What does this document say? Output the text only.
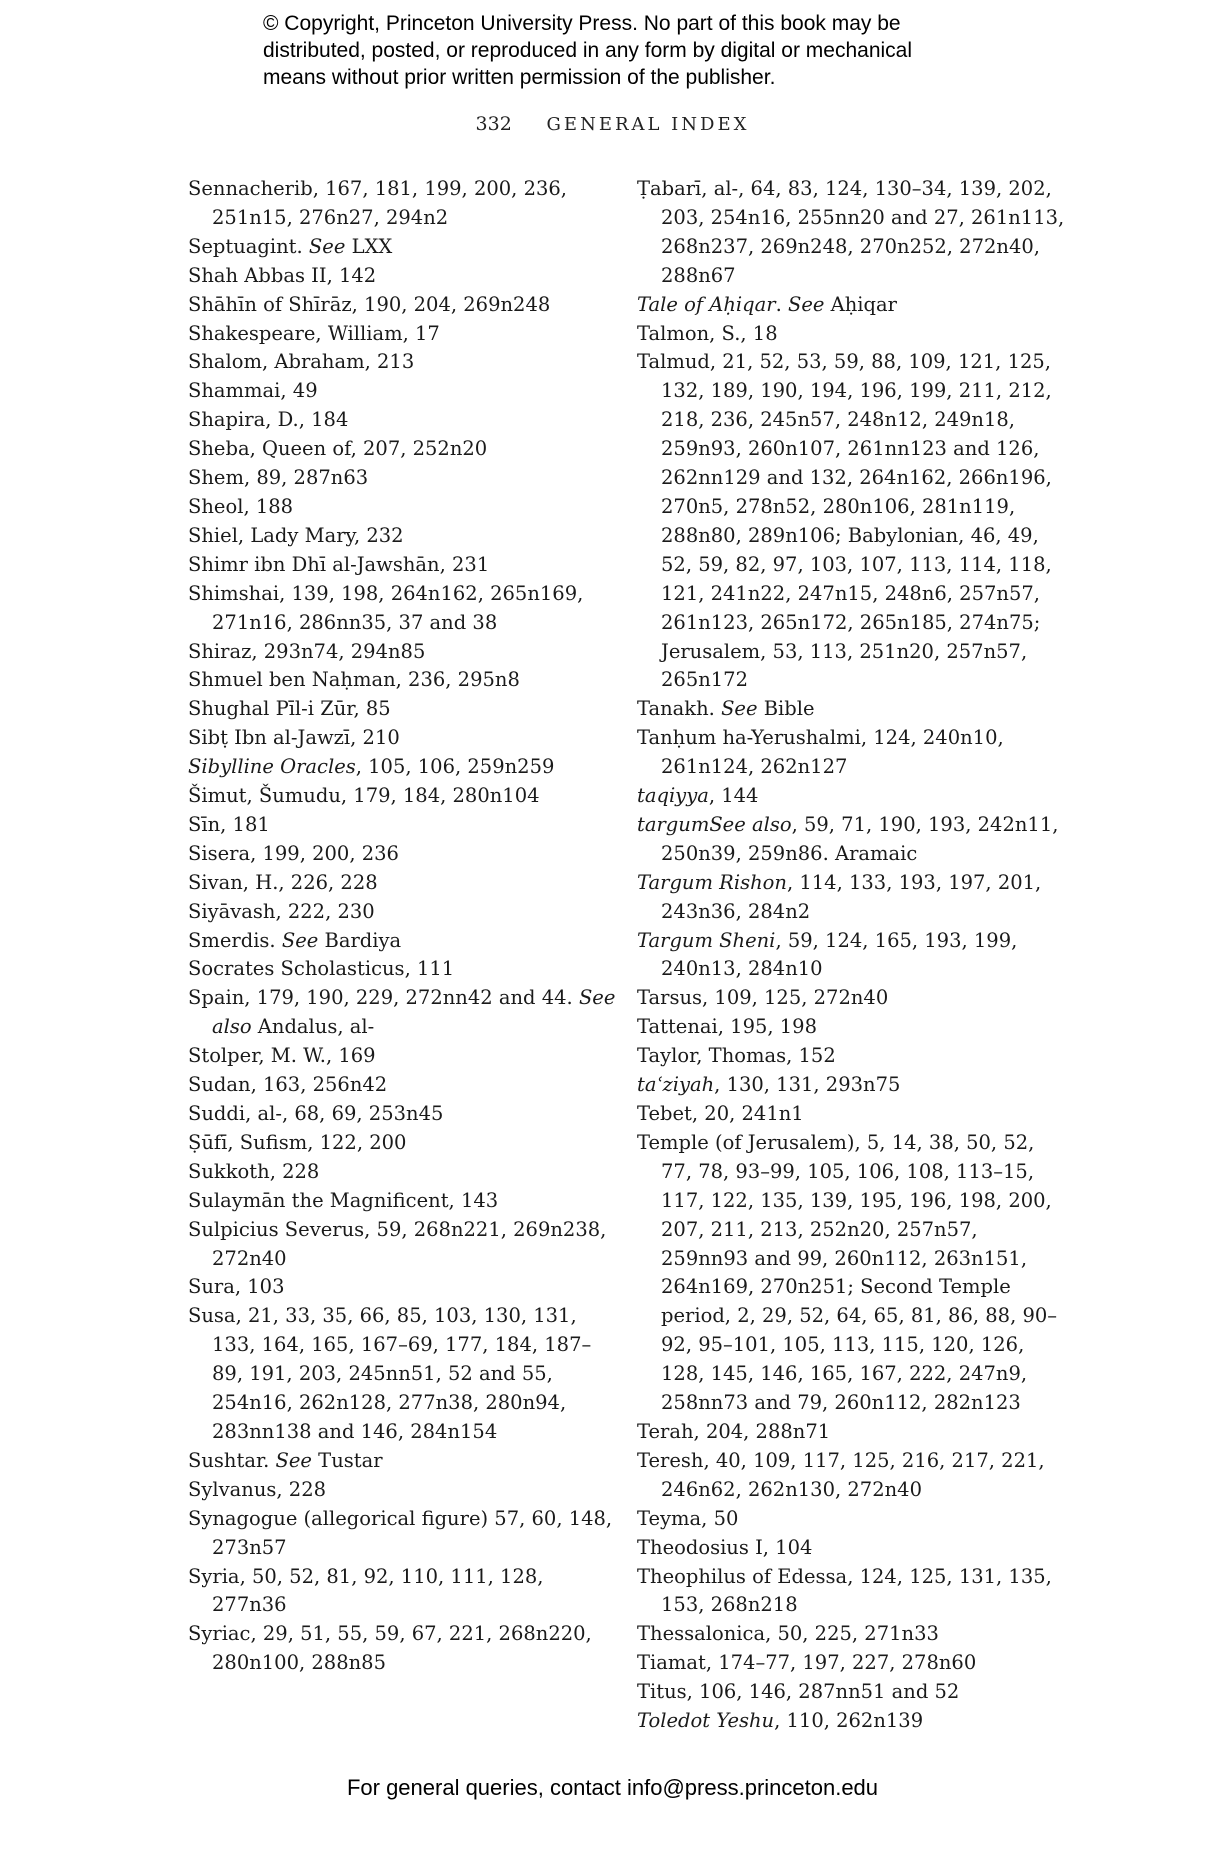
© Copyright, Princeton University Press. No part of this book may be distributed, posted, or reproduced in any form by digital or mechanical means without prior written permission of the publisher.

332 GENERAL INDEX
Sennacherib, 167, 181, 199, 200, 236, 251n15, 276n27, 294n2
Septuagint. See LXX
Shah Abbas II, 142
Shāhīn of Shīrāz, 190, 204, 269n248
Shakespeare, William, 17
Shalom, Abraham, 213
Shammai, 49
Shapira, D., 184
Sheba, Queen of, 207, 252n20
Shem, 89, 287n63
Sheol, 188
Shiel, Lady Mary, 232
Shimr ibn Dhī al-Jawshān, 231
Shimshai, 139, 198, 264n162, 265n169, 271n16, 286nn35, 37 and 38
Shiraz, 293n74, 294n85
Shmuel ben Naḥman, 236, 295n8
Shughal Pīl-i Zūr, 85
Sibṭ Ibn al-Jawzī, 210
Sibylline Oracles, 105, 106, 259n259
Šimut, Šumudu, 179, 184, 280n104
Sīn, 181
Sisera, 199, 200, 236
Sivan, H., 226, 228
Siyāvash, 222, 230
Smerdis. See Bardiya
Socrates Scholasticus, 111
Spain, 179, 190, 229, 272nn42 and 44. See also Andalus, al-
Stolper, M. W., 169
Sudan, 163, 256n42
Suddi, al-, 68, 69, 253n45
Ṣūfī, Sufism, 122, 200
Sukkoth, 228
Sulaymān the Magnificent, 143
Sulpicius Severus, 59, 268n221, 269n238, 272n40
Sura, 103
Susa, 21, 33, 35, 66, 85, 103, 130, 131, 133, 164, 165, 167–69, 177, 184, 187–89, 191, 203, 245nn51, 52 and 55, 254n16, 262n128, 277n38, 280n94, 283nn138 and 146, 284n154
Sushtar. See Tustar
Sylvanus, 228
Synagogue (allegorical figure) 57, 60, 148, 273n57
Syria, 50, 52, 81, 92, 110, 111, 128, 277n36
Syriac, 29, 51, 55, 59, 67, 221, 268n220, 280n100, 288n85
Ṭabarī, al-, 64, 83, 124, 130–34, 139, 202, 203, 254n16, 255nn20 and 27, 261n113, 268n237, 269n248, 270n252, 272n40, 288n67
Tale of Aḥiqar. See Aḥiqar
Talmon, S., 18
Talmud, 21, 52, 53, 59, 88, 109, 121, 125, 132, 189, 190, 194, 196, 199, 211, 212, 218, 236, 245n57, 248n12, 249n18, 259n93, 260n107, 261nn123 and 126, 262nn129 and 132, 264n162, 266n196, 270n5, 278n52, 280n106, 281n119, 288n80, 289n106; Babylonian, 46, 49, 52, 59, 82, 97, 103, 107, 113, 114, 118, 121, 241n22, 247n15, 248n6, 257n57, 261n123, 265n172, 265n185, 274n75; Jerusalem, 53, 113, 251n20, 257n57, 265n172
Tanakh. See Bible
Tanḥum ha-Yerushalmi, 124, 240n10, 261n124, 262n127
taqiyya, 144
targumSee also, 59, 71, 190, 193, 242n11, 250n39, 259n86. Aramaic
Targum Rishon, 114, 133, 193, 197, 201, 243n36, 284n2
Targum Sheni, 59, 124, 165, 193, 199, 240n13, 284n10
Tarsus, 109, 125, 272n40
Tattenai, 195, 198
Taylor, Thomas, 152
taʿziyah, 130, 131, 293n75
Tebet, 20, 241n1
Temple (of Jerusalem), 5, 14, 38, 50, 52, 77, 78, 93–99, 105, 106, 108, 113–15, 117, 122, 135, 139, 195, 196, 198, 200, 207, 211, 213, 252n20, 257n57, 259nn93 and 99, 260n112, 263n151, 264n169, 270n251; Second Temple period, 2, 29, 52, 64, 65, 81, 86, 88, 90–92, 95–101, 105, 113, 115, 120, 126, 128, 145, 146, 165, 167, 222, 247n9, 258nn73 and 79, 260n112, 282n123
Terah, 204, 288n71
Teresh, 40, 109, 117, 125, 216, 217, 221, 246n62, 262n130, 272n40
Teyma, 50
Theodosius I, 104
Theophilus of Edessa, 124, 125, 131, 135, 153, 268n218
Thessalonica, 50, 225, 271n33
Tiamat, 174–77, 197, 227, 278n60
Titus, 106, 146, 287nn51 and 52
Toledot Yeshu, 110, 262n139
For general queries, contact info@press.princeton.edu
